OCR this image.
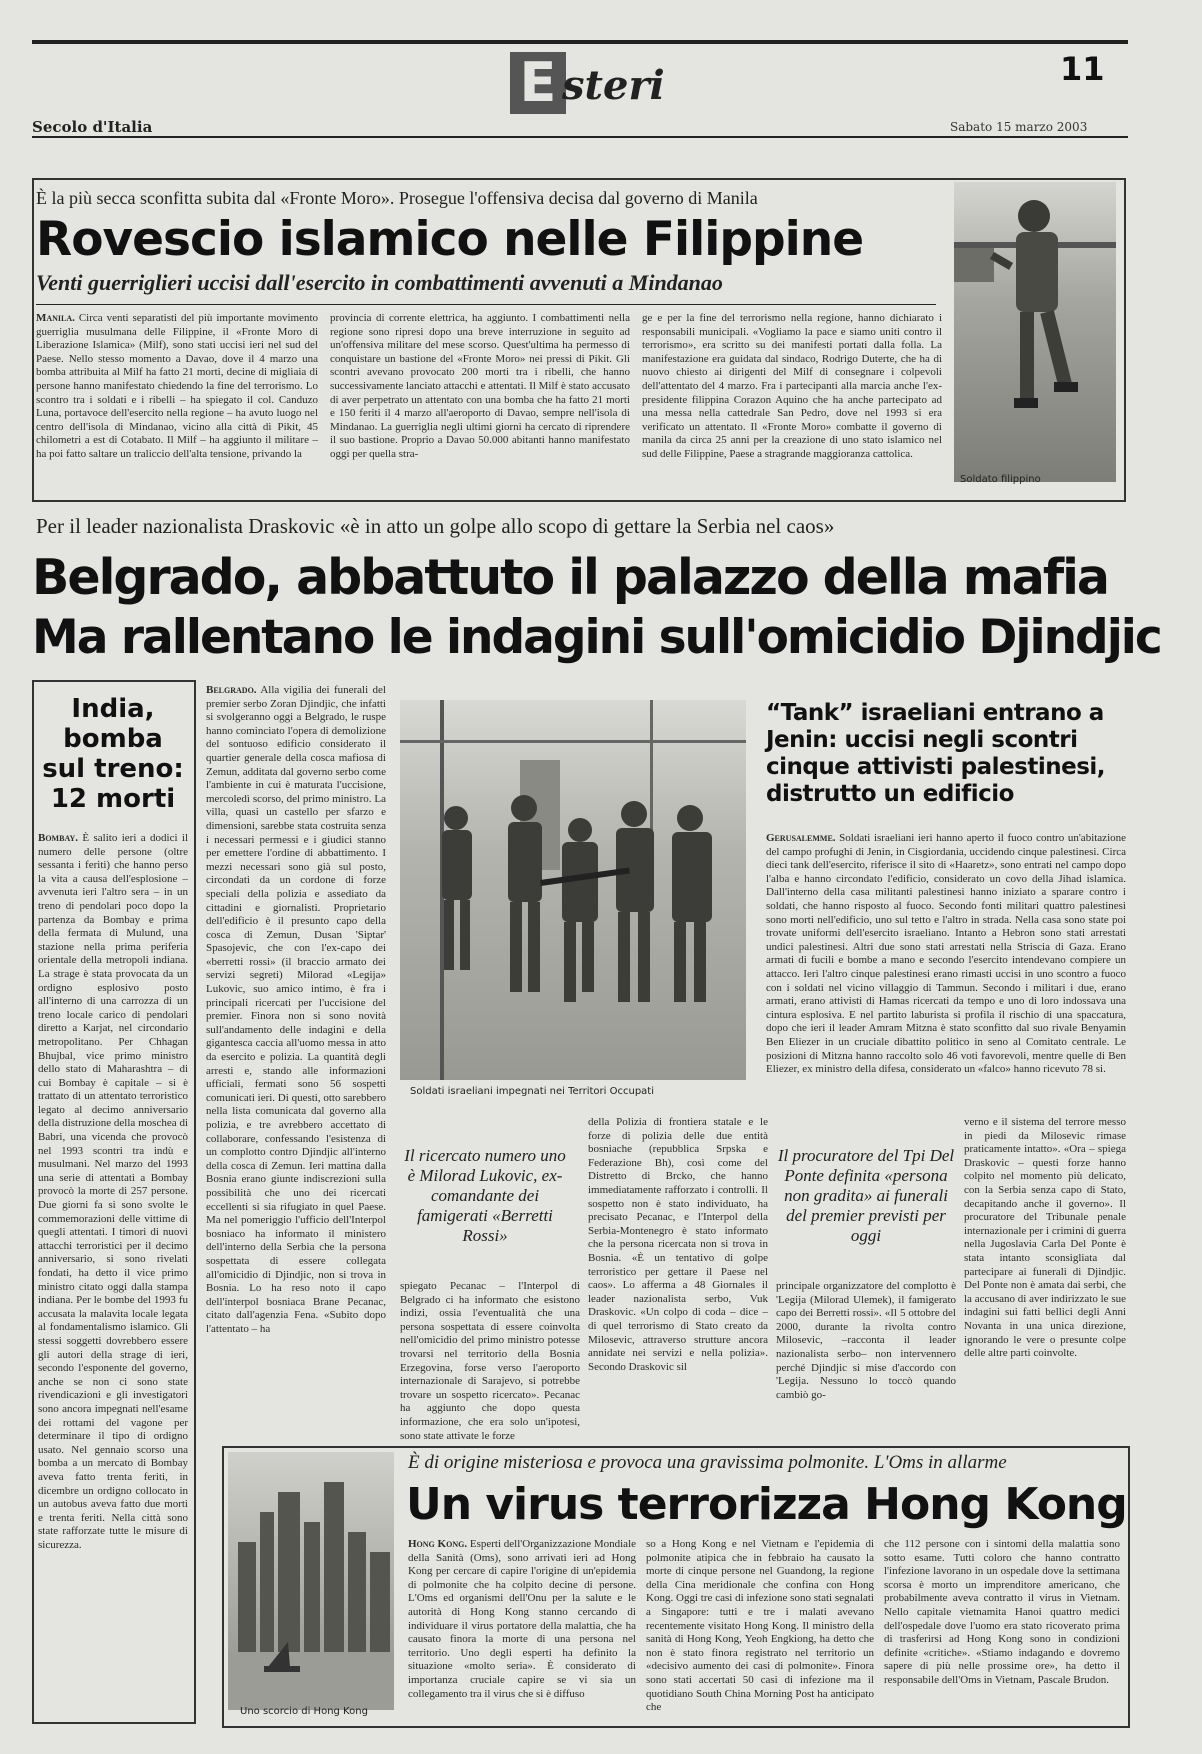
E steri	11
Secolo d'Italia	Sabato 15 marzo 2003
È la più secca sconfitta subita dal «Fronte Moro». Prosegue l'offensiva decisa dal governo di Manila
Rovescio islamico nelle Filippine
Venti guerriglieri uccisi dall'esercito in combattimenti avvenuti a Mindanao
Manila. Circa venti separatisti del più importante movimento guerriglia musulmana delle Filippine, il «Fronte Moro di Liberazione Islamica» (Milf), sono stati uccisi ieri nel sud del Paese. Nello stesso momento a Davao, dove il 4 marzo una bomba attribuita al Milf ha fatto 21 morti, decine di migliaia di persone hanno manifestato chiedendo la fine del terrorismo. Lo scontro tra i soldati e i ribelli – ha spiegato il col. Canduzo Luna, portavoce dell'esercito nella regione – ha avuto luogo nel centro dell'isola di Mindanao, vicino alla città di Pikit, 45 chilometri a est di Cotabato. Il Milf – ha aggiunto il militare – ha poi fatto saltare un traliccio dell'alta tensione, privando la
provincia di corrente elettrica, ha aggiunto. I combattimenti nella regione sono ripresi dopo una breve interruzione in seguito ad un'offensiva militare del mese scorso. Quest'ultima ha permesso di conquistare un bastione del «Fronte Moro» nei pressi di Pikit. Gli scontri avevano provocato 200 morti tra i ribelli, che hanno successivamente lanciato attacchi e attentati. Il Milf è stato accusato di aver perpetrato un attentato con una bomba che ha fatto 21 morti e 150 feriti il 4 marzo all'aeroporto di Davao, sempre nell'isola di Mindanao. La guerriglia negli ultimi giorni ha cercato di riprendere il suo bastione. Proprio a Davao 50.000 abitanti hanno manifestato oggi per quella stra-
ge e per la fine del terrorismo nella regione, hanno dichiarato i responsabili municipali. «Vogliamo la pace e siamo uniti contro il terrorismo», era scritto su dei manifesti portati dalla folla. La manifestazione era guidata dal sindaco, Rodrigo Duterte, che ha di nuovo chiesto ai dirigenti del Milf di consegnare i colpevoli dell'attentato del 4 marzo. Fra i partecipanti alla marcia anche l'ex-presidente filippina Corazon Aquino che ha anche partecipato ad una messa nella cattedrale San Pedro, dove nel 1993 si era verificato un attentato. Il «Fronte Moro» combatte il governo di manila da circa 25 anni per la creazione di uno stato islamico nel sud delle Filippine, Paese a stragrande maggioranza cattolica.
Soldato filippino
Per il leader nazionalista Draskovic «è in atto un golpe allo scopo di gettare la Serbia nel caos»
Belgrado, abbattuto il palazzo della mafia
Ma rallentano le indagini sull'omicidio Djindjic
India, bomba sul treno: 12 morti
Bombay. È salito ieri a dodici il numero delle persone (oltre sessanta i feriti) che hanno perso la vita a causa dell'esplosione – avvenuta ieri l'altro sera – in un treno di pendolari poco dopo la partenza da Bombay e prima della fermata di Mulund, una stazione nella prima periferia orientale della metropoli indiana. La strage è stata provocata da un ordigno esplosivo posto all'interno di una carrozza di un treno locale carico di pendolari diretto a Karjat, nel circondario metropolitano. Per Chhagan Bhujbal, vice primo ministro dello stato di Maharashtra – di cui Bombay è capitale – si è trattato di un attentato terroristico legato al decimo anniversario della distruzione della moschea di Babri, una vicenda che provocò nel 1993 scontri tra indù e musulmani. Nel marzo del 1993 una serie di attentati a Bombay provocò la morte di 257 persone. Due giorni fa si sono svolte le commemorazioni delle vittime di quegli attentati. I timori di nuovi attacchi terroristici per il decimo anniversario, si sono rivelati fondati, ha detto il vice primo ministro citato oggi dalla stampa indiana. Per le bombe del 1993 fu accusata la malavita locale legata al fondamentalismo islamico. Gli stessi soggetti dovrebbero essere gli autori della strage di ieri, secondo l'esponente del governo, anche se non ci sono state rivendicazioni e gli investigatori sono ancora impegnati nell'esame dei rottami del vagone per determinare il tipo di ordigno usato. Nel gennaio scorso una bomba a un mercato di Bombay aveva fatto trenta feriti, in dicembre un ordigno collocato in un autobus aveva fatto due morti e trenta feriti. Nella città sono state rafforzate tutte le misure di sicurezza.
Belgrado. Alla vigilia dei funerali del premier serbo Zoran Djindjic, che infatti si svolgeranno oggi a Belgrado, le ruspe hanno cominciato l'opera di demolizione del sontuoso edificio considerato il quartier generale della cosca mafiosa di Zemun, additata dal governo serbo come l'ambiente in cui è maturata l'uccisione, mercoledì scorso, del primo ministro. La villa, quasi un castello per sfarzo e dimensioni, sarebbe stata costruita senza i necessari permessi e i giudici stanno per emettere l'ordine di abbattimento. I mezzi necessari sono già sul posto, circondati da un cordone di forze speciali della polizia e assediato da cittadini e giornalisti. Proprietario dell'edificio è il presunto capo della cosca di Zemun, Dusan 'Siptar' Spasojevic, che con l'ex-capo dei «berretti rossi» (il braccio armato dei servizi segreti) Milorad «Legija» Lukovic, suo amico intimo, è fra i principali ricercati per l'uccisione del premier. Finora non si sono novità sull'andamento delle indagini e della gigantesca caccia all'uomo messa in atto da esercito e polizia. La quantità degli arresti e, stando alle informazioni ufficiali, fermati sono 56 sospetti comunicati ieri. Di questi, otto sarebbero nella lista comunicata dal governo alla polizia, e tre avrebbero accettato di collaborare, confessando l'esistenza di un complotto contro Djindjic all'interno della cosca di Zemun. Ieri mattina dalla Bosnia erano giunte indiscrezioni sulla possibilità che uno dei ricercati eccellenti si sia rifugiato in quel Paese. Ma nel pomeriggio l'ufficio dell'Interpol bosniaco ha informato il ministero dell'interno della Serbia che la persona sospettata di essere collegata all'omicidio di Djindjic, non si trova in Bosnia. Lo ha reso noto il capo dell'interpol bosniaca Brane Pecanac, citato dall'agenzia Fena. «Subito dopo l'attentato – ha
Soldati israeliani impegnati nei Territori Occupati
“Tank” israeliani entrano a Jenin: uccisi negli scontri cinque attivisti palestinesi, distrutto un edificio
Gerusalemme. Soldati israeliani ieri hanno aperto il fuoco contro un'abitazione del campo profughi di Jenin, in Cisgiordania, uccidendo cinque palestinesi. Circa dieci tank dell'esercito, riferisce il sito di «Haaretz», sono entrati nel campo dopo l'alba e hanno circondato l'edificio, considerato un covo della Jihad islamica. Dall'interno della casa militanti palestinesi hanno iniziato a sparare contro i soldati, che hanno risposto al fuoco. Secondo fonti militari quattro palestinesi sono morti nell'edificio, uno sul tetto e l'altro in strada. Nella casa sono state poi trovate uniformi dell'esercito israeliano. Intanto a Hebron sono stati arrestati undici palestinesi. Altri due sono stati arrestati nella Striscia di Gaza. Erano armati di fucili e bombe a mano e secondo l'esercito intendevano compiere un attacco. Ieri l'altro cinque palestinesi erano rimasti uccisi in uno scontro a fuoco con i soldati nel vicino villaggio di Tammun. Secondo i militari i due, erano armati, erano attivisti di Hamas ricercati da tempo e uno di loro indossava una cintura esplosiva. E nel partito laburista si profila il rischio di una spaccatura, dopo che ieri il leader Amram Mitzna è stato sconfitto dal suo rivale Benyamin Ben Eliezer in un cruciale dibattito politico in seno al Comitato centrale. Le posizioni di Mitzna hanno raccolto solo 46 voti favorevoli, mentre quelle di Ben Eliezer, ex ministro della difesa, considerato un «falco» hanno ricevuto 78 si.
Il ricercato numero uno è Milorad Lukovic, ex-comandante dei famigerati «Berretti Rossi»
spiegato Pecanac – l'Interpol di Belgrado ci ha informato che esistono indizi, ossia l'eventualità che una persona sospettata di essere coinvolta nell'omicidio del primo ministro potesse trovarsi nel territorio della Bosnia Erzegovina, forse verso l'aeroporto internazionale di Sarajevo, si potrebbe trovare un sospetto ricercato». Pecanac ha aggiunto che dopo questa informazione, che era solo un'ipotesi, sono state attivate le forze
della Polizia di frontiera statale e le forze di polizia delle due entità bosniache (repubblica Srpska e Federazione Bh), così come del Distretto di Brcko, che hanno immediatamente rafforzato i controlli. Il sospetto non è stato individuato, ha precisato Pecanac, e l'Interpol della Serbia-Montenegro è stato informato che la persona ricercata non si trova in Bosnia. «È un tentativo di golpe terroristico per gettare il Paese nel caos». Lo afferma a 48 Giornales il leader nazionalista serbo, Vuk Draskovic. «Un colpo di coda – dice – di quel terrorismo di Stato creato da Milosevic, attraverso strutture ancora annidate nei servizi e nella polizia». Secondo Draskovic sil
Il procuratore del Tpi Del Ponte definita «persona non gradita» ai funerali del premier previsti per oggi
principale organizzatore del complotto è 'Legija (Milorad Ulemek), il famigerato capo dei Berretti rossi». «Il 5 ottobre del 2000, durante la rivolta contro Milosevic, –racconta il leader nazionalista serbo– non intervennero perché Djindjic si mise d'accordo con 'Legija. Nessuno lo toccò quando cambiò go-
verno e il sistema del terrore messo in piedi da Milosevic rimase praticamente intatto». «Ora – spiega Draskovic – questi forze hanno colpito nel momento più delicato, con la Serbia senza capo di Stato, decapitando anche il governo». Il procuratore del Tribunale penale internazionale per i crimini di guerra nella Jugoslavia Carla Del Ponte è stata intanto sconsigliata dal partecipare ai funerali di Djindjic. Del Ponte non è amata dai serbi, che la accusano di aver indirizzato le sue indagini sui fatti bellici degli Anni Novanta in una unica direzione, ignorando le vere o presunte colpe delle altre parti coinvolte.
Uno scorcio di Hong Kong
È di origine misteriosa e provoca una gravissima polmonite. L'Oms in allarme
Un virus terrorizza Hong Kong
Hong Kong. Esperti dell'Organizzazione Mondiale della Sanità (Oms), sono arrivati ieri ad Hong Kong per cercare di capire l'origine di un'epidemia di polmonite che ha colpito decine di persone. L'Oms ed organismi dell'Onu per la salute e le autorità di Hong Kong stanno cercando di individuare il virus portatore della malattia, che ha causato finora la morte di una persona nel territorio. Uno degli esperti ha definito la situazione «molto seria». È considerato di importanza cruciale capire se vi sia un collegamento tra il virus che si è diffuso
so a Hong Kong e nel Vietnam e l'epidemia di polmonite atipica che in febbraio ha causato la morte di cinque persone nel Guandong, la regione della Cina meridionale che confina con Hong Kong. Oggi tre casi di infezione sono stati segnalati a Singapore: tutti e tre i malati avevano recentemente visitato Hong Kong. Il ministro della sanità di Hong Kong, Yeoh Engkiong, ha detto che non è stato finora registrato nel territorio un «decisivo aumento dei casi di polmonite». Finora sono stati accertati 50 casi di infezione ma il quotidiano South China Morning Post ha anticipato che
che 112 persone con i sintomi della malattia sono sotto esame. Tutti coloro che hanno contratto l'infezione lavorano in un ospedale dove la settimana scorsa è morto un imprenditore americano, che probabilmente aveva contratto il virus in Vietnam. Nello capitale vietnamita Hanoi quattro medici dell'ospedale dove l'uomo era stato ricoverato prima di trasferirsi ad Hong Kong sono in condizioni definite «critiche». «Stiamo indagando e dovremo sapere di più nelle prossime ore», ha detto il responsabile dell'Oms in Vietnam, Pascale Brudon.
